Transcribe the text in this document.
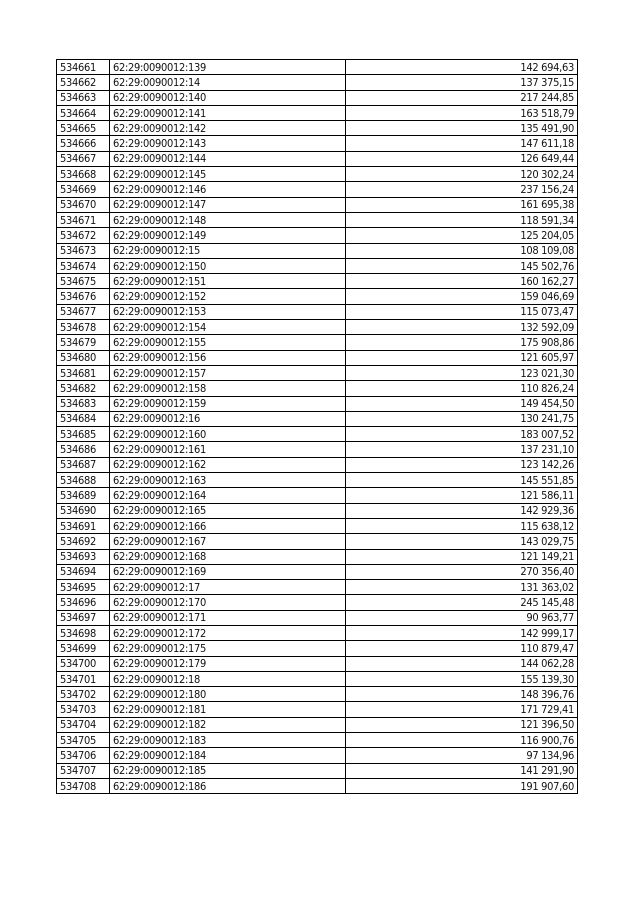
534661	62:29:0090012:139	142 694,63
534662	62:29:0090012:14	137 375,15
534663	62:29:0090012:140	217 244,85
534664	62:29:0090012:141	163 518,79
534665	62:29:0090012:142	135 491,90
534666	62:29:0090012:143	147 611,18
534667	62:29:0090012:144	126 649,44
534668	62:29:0090012:145	120 302,24
534669	62:29:0090012:146	237 156,24
534670	62:29:0090012:147	161 695,38
534671	62:29:0090012:148	118 591,34
534672	62:29:0090012:149	125 204,05
534673	62:29:0090012:15	108 109,08
534674	62:29:0090012:150	145 502,76
534675	62:29:0090012:151	160 162,27
534676	62:29:0090012:152	159 046,69
534677	62:29:0090012:153	115 073,47
534678	62:29:0090012:154	132 592,09
534679	62:29:0090012:155	175 908,86
534680	62:29:0090012:156	121 605,97
534681	62:29:0090012:157	123 021,30
534682	62:29:0090012:158	110 826,24
534683	62:29:0090012:159	149 454,50
534684	62:29:0090012:16	130 241,75
534685	62:29:0090012:160	183 007,52
534686	62:29:0090012:161	137 231,10
534687	62:29:0090012:162	123 142,26
534688	62:29:0090012:163	145 551,85
534689	62:29:0090012:164	121 586,11
534690	62:29:0090012:165	142 929,36
534691	62:29:0090012:166	115 638,12
534692	62:29:0090012:167	143 029,75
534693	62:29:0090012:168	121 149,21
534694	62:29:0090012:169	270 356,40
534695	62:29:0090012:17	131 363,02
534696	62:29:0090012:170	245 145,48
534697	62:29:0090012:171	90 963,77
534698	62:29:0090012:172	142 999,17
534699	62:29:0090012:175	110 879,47
534700	62:29:0090012:179	144 062,28
534701	62:29:0090012:18	155 139,30
534702	62:29:0090012:180	148 396,76
534703	62:29:0090012:181	171 729,41
534704	62:29:0090012:182	121 396,50
534705	62:29:0090012:183	116 900,76
534706	62:29:0090012:184	97 134,96
534707	62:29:0090012:185	141 291,90
534708	62:29:0090012:186	191 907,60
